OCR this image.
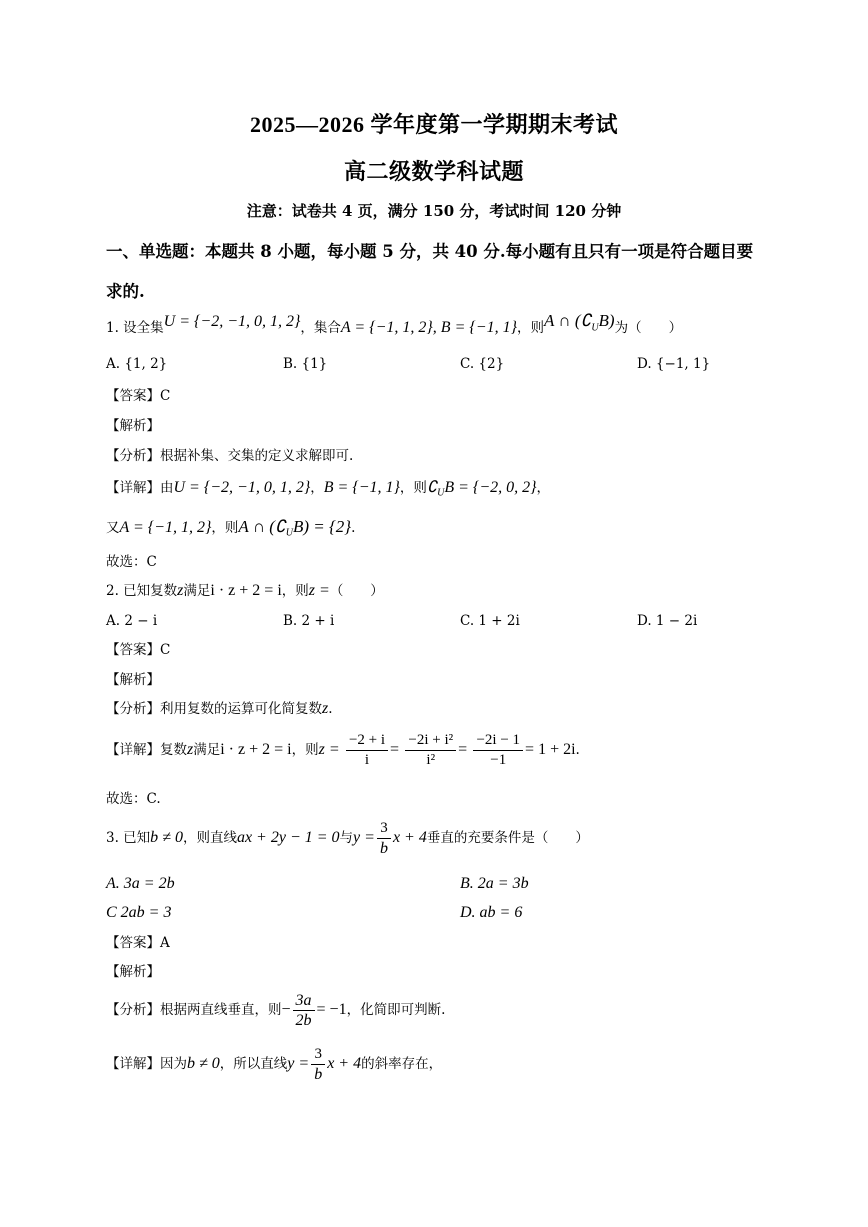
2025—2026 学年度第一学期期末考试
高二级数学科试题
注意：试卷共 4 页，满分 150 分，考试时间 120 分钟
一、单选题：本题共 8 小题，每小题 5 分，共 40 分.每小题有且只有一项是符合题目要
求的.
1. 设全集U = {−2, −1, 0, 1, 2}，集合A = {−1, 1, 2}, B = {−1, 1}，则A ∩ $(∁_UB)$为（　　）
A. {1, 2}	B. {1}	C. {2}	D. {−1, 1}
【答案】C
【解析】
【分析】根据补集、交集的定义求解即可.
【详解】由U = {−2, −1, 0, 1, 2}，B = {−1, 1}，则$∁_UB = \{-2$, 0, 2}，
又A = {−1, 1, 2}，则A ∩ $(∁_UB) = \{2\}$.
故选：C
2. 已知复数z满足i · z + 2 = i，则z =（　　）
A. 2 − i	B. 2 + i	C. 1 + 2i	D. 1 − 2i
【答案】C
【解析】
【分析】利用复数的运算可化简复数z.
【详解】复数z满足i · z + 2 = i，则$z = \frac{-2 + i}{i} = \frac{\text{−2i + i²}}{\text{i²}} = \frac{-2i - 1}{-1} = 1 + 2i$.
故选：C.
3. 已知b ≠ 0，则直线ax + 2y − 1 = 0与$y = \frac{3}{b}$ x + 4垂直的充要条件是（　　）
A. 3a = 2b	B. 2a = 3b
C 2ab = 3	D. ab = 6
【答案】A
【解析】
【分析】根据两直线垂直，则− $\frac{3a}{2b} = -1$，化简即可判断.
【详解】因为b ≠ 0，所以直线$y = \frac{3}{b}$ x + 4的斜率存在，
